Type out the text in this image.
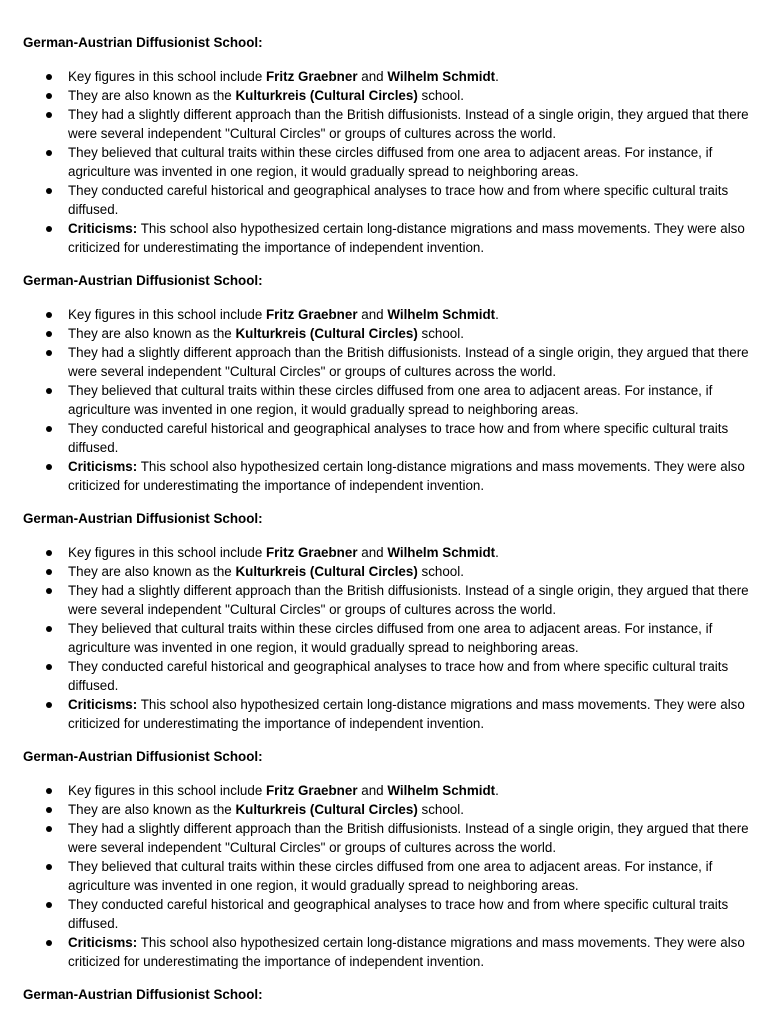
German-Austrian Diffusionist School:
Key figures in this school include Fritz Graebner and Wilhelm Schmidt.
They are also known as the Kulturkreis (Cultural Circles) school.
They had a slightly different approach than the British diffusionists. Instead of a single origin, they argued that there were several independent "Cultural Circles" or groups of cultures across the world.
They believed that cultural traits within these circles diffused from one area to adjacent areas. For instance, if agriculture was invented in one region, it would gradually spread to neighboring areas.
They conducted careful historical and geographical analyses to trace how and from where specific cultural traits diffused.
Criticisms: This school also hypothesized certain long-distance migrations and mass movements. They were also criticized for underestimating the importance of independent invention.
German-Austrian Diffusionist School:
Key figures in this school include Fritz Graebner and Wilhelm Schmidt.
They are also known as the Kulturkreis (Cultural Circles) school.
They had a slightly different approach than the British diffusionists. Instead of a single origin, they argued that there were several independent "Cultural Circles" or groups of cultures across the world.
They believed that cultural traits within these circles diffused from one area to adjacent areas. For instance, if agriculture was invented in one region, it would gradually spread to neighboring areas.
They conducted careful historical and geographical analyses to trace how and from where specific cultural traits diffused.
Criticisms: This school also hypothesized certain long-distance migrations and mass movements. They were also criticized for underestimating the importance of independent invention.
German-Austrian Diffusionist School:
Key figures in this school include Fritz Graebner and Wilhelm Schmidt.
They are also known as the Kulturkreis (Cultural Circles) school.
They had a slightly different approach than the British diffusionists. Instead of a single origin, they argued that there were several independent "Cultural Circles" or groups of cultures across the world.
They believed that cultural traits within these circles diffused from one area to adjacent areas. For instance, if agriculture was invented in one region, it would gradually spread to neighboring areas.
They conducted careful historical and geographical analyses to trace how and from where specific cultural traits diffused.
Criticisms: This school also hypothesized certain long-distance migrations and mass movements. They were also criticized for underestimating the importance of independent invention.
German-Austrian Diffusionist School:
Key figures in this school include Fritz Graebner and Wilhelm Schmidt.
They are also known as the Kulturkreis (Cultural Circles) school.
They had a slightly different approach than the British diffusionists. Instead of a single origin, they argued that there were several independent "Cultural Circles" or groups of cultures across the world.
They believed that cultural traits within these circles diffused from one area to adjacent areas. For instance, if agriculture was invented in one region, it would gradually spread to neighboring areas.
They conducted careful historical and geographical analyses to trace how and from where specific cultural traits diffused.
Criticisms: This school also hypothesized certain long-distance migrations and mass movements. They were also criticized for underestimating the importance of independent invention.
German-Austrian Diffusionist School:
